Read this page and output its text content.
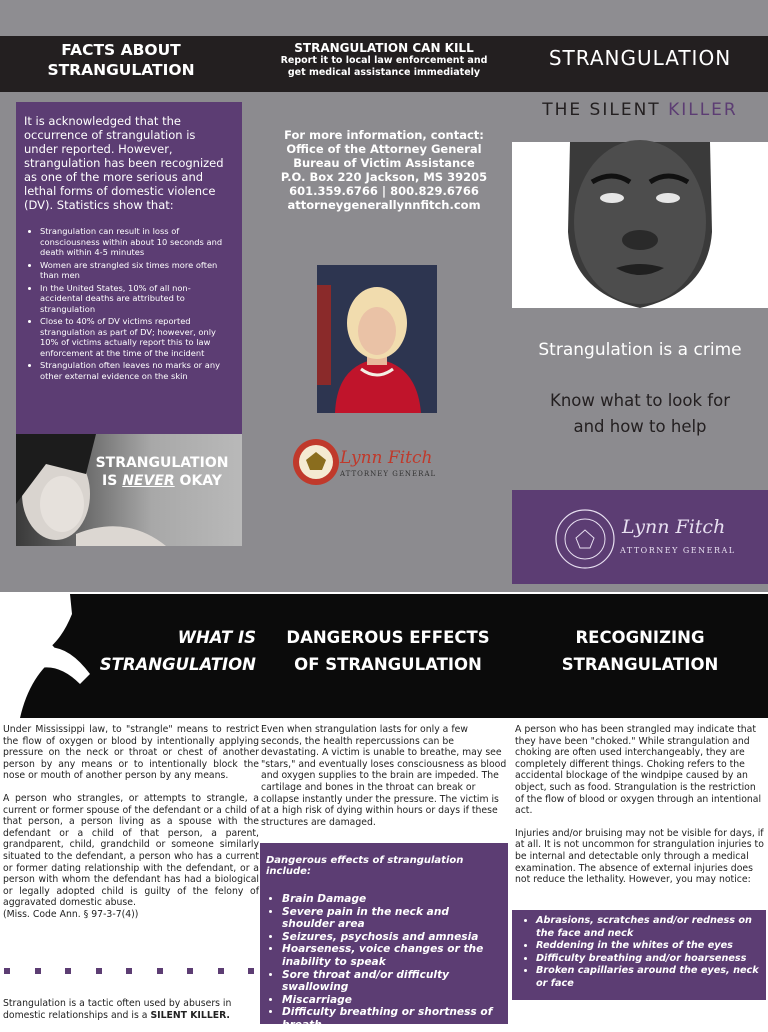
FACTS ABOUT
STRANGULATION
STRANGULATION CAN KILL
Report it to local law enforcement and
get medical assistance immediately
STRANGULATION
It is acknowledged that the occurrence of strangulation is under reported. However, strangulation has been recognized as one of the more serious and lethal forms of domestic violence (DV). Statistics show that:
• Strangulation can result in loss of consciousness within about 10 seconds and death within 4-5 minutes
• Women are strangled six times more often than men
• In the United States, 10% of all non-accidental deaths are attributed to strangulation
• Close to 40% of DV victims reported strangulation as part of DV; however, only 10% of victims actually report this to law enforcement at the time of the incident
• Strangulation often leaves no marks or any other external evidence on the skin
STRANGULATION
IS NEVER OKAY
For more information, contact:
Office of the Attorney General
Bureau of Victim Assistance
P.O. Box 220 Jackson, MS 39205
601.359.6766 | 800.829.6766
attorneygenerallynnfitch.com
Lynn Fitch
ATTORNEY GENERAL
THE SILENT KILLER
Strangulation is a crime
Know what to look for
and how to help
Lynn Fitch
ATTORNEY GENERAL
WHAT IS
STRANGULATION
DANGEROUS EFFECTS
OF STRANGULATION
RECOGNIZING
STRANGULATION

Under Mississippi law, to "strangle" means to restrict the flow of oxygen or blood by intentionally applying pressure on the neck or throat or chest of another person by any means or to intentionally block the nose or mouth of another person by any means.

A person who strangles, or attempts to strangle, a current or former spouse of the defendant or a child of that person, a person living as a spouse with the defendant or a child of that person, a parent, grandparent, child, grandchild or someone similarly situated to the defendant, a person who has a current or former dating relationship with the defendant, or a person with whom the defendant has had a biological or legally adopted child is guilty of the felony of aggravated domestic abuse.
(Miss. Code Ann. § 97-3-7(4))
Strangulation is a tactic often used by abusers in domestic relationships and is a SILENT KILLER.

Even when strangulation lasts for only a few seconds, the health repercussions can be devastating. A victim is unable to breathe, may see "stars," and eventually loses consciousness as blood and oxygen supplies to the brain are impeded. The cartilage and bones in the throat can break or collapse instantly under the pressure. The victim is at a high risk of dying within hours or days if these structures are damaged.

Dangerous effects of strangulation include:
• Brain Damage
• Severe pain in the neck and shoulder area
• Seizures, psychosis and amnesia
• Hoarseness, voice changes or the inability to speak
• Sore throat and/or difficulty swallowing
• Miscarriage
• Difficulty breathing or shortness of breath

A person who has been strangled may indicate that they have been "choked." While strangulation and choking are often used interchangeably, they are completely different things. Choking refers to the accidental blockage of the windpipe caused by an object, such as food. Strangulation is the restriction of the flow of blood or oxygen through an intentional act.

Injuries and/or bruising may not be visible for days, if at all. It is not uncommon for strangulation injuries to be internal and detectable only through a medical examination. The absence of external injuries does not reduce the lethality. However, you may notice:

• Abrasions, scratches and/or redness on the face and neck
• Reddening in the whites of the eyes
• Difficulty breathing and/or hoarseness
• Broken capillaries around the eyes, neck or face
